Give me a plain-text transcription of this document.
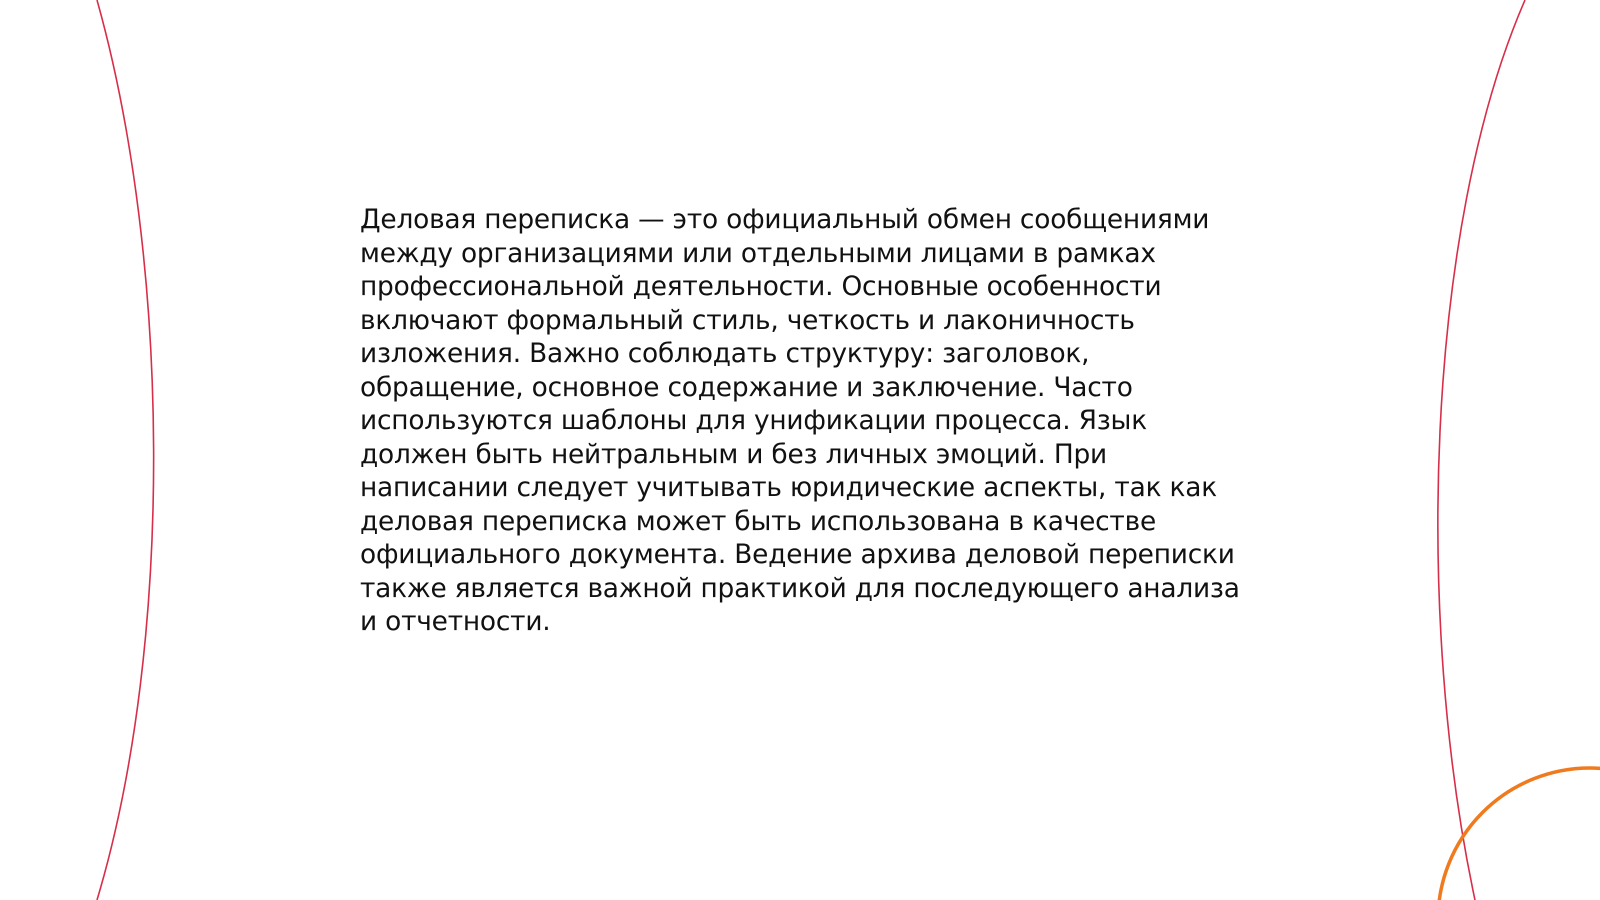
Деловая переписка — это официальный обмен сообщениями
между организациями или отдельными лицами в рамках
профессиональной деятельности. Основные особенности
включают формальный стиль, четкость и лаконичность
изложения. Важно соблюдать структуру: заголовок,
обращение, основное содержание и заключение. Часто
используются шаблоны для унификации процесса. Язык
должен быть нейтральным и без личных эмоций. При
написании следует учитывать юридические аспекты, так как
деловая переписка может быть использована в качестве
официального документа. Ведение архива деловой переписки
также является важной практикой для последующего анализа
и отчетности.
